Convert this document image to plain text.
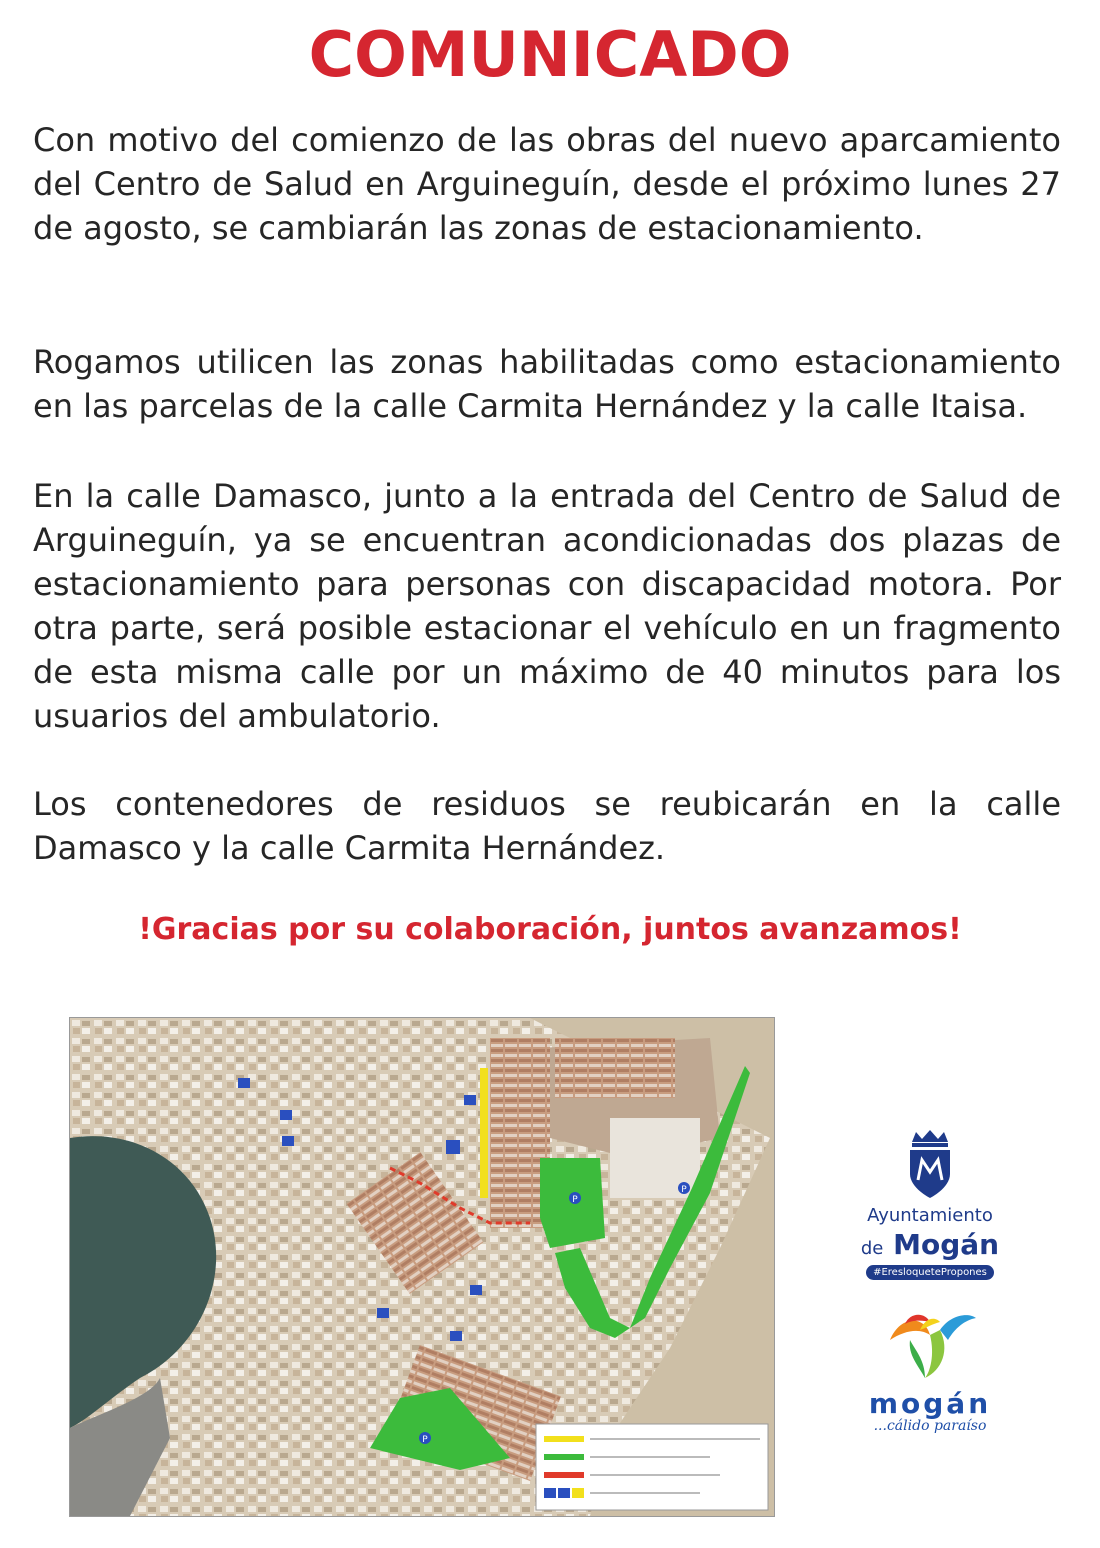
COMUNICADO

Con motivo del comienzo de las obras del nuevo aparcamiento del Centro de Salud en Arguineguín, desde el próximo lunes 27 de agosto, se cambiarán las zonas de estacionamiento.

Rogamos utilicen las zonas habilitadas como estacionamiento en las parcelas de la calle Carmita Hernández y la calle Itaisa.

En la calle Damasco, junto a la entrada del Centro de Salud de Arguineguín, ya se encuentran acondicionadas dos plazas de estacionamiento para personas con discapacidad motora. Por otra parte, será posible estacionar el vehículo en un fragmento de esta misma calle por un máximo de 40 minutos para los usuarios del ambulatorio.

Los contenedores de residuos se reubicarán en la calle Damasco y la calle Carmita Hernández.

!Gracias por su colaboración, juntos avanzamos!
P
P
P
Ayuntamiento
de Mogán
#EresloquetePropones
mogán
...cálido paraíso
